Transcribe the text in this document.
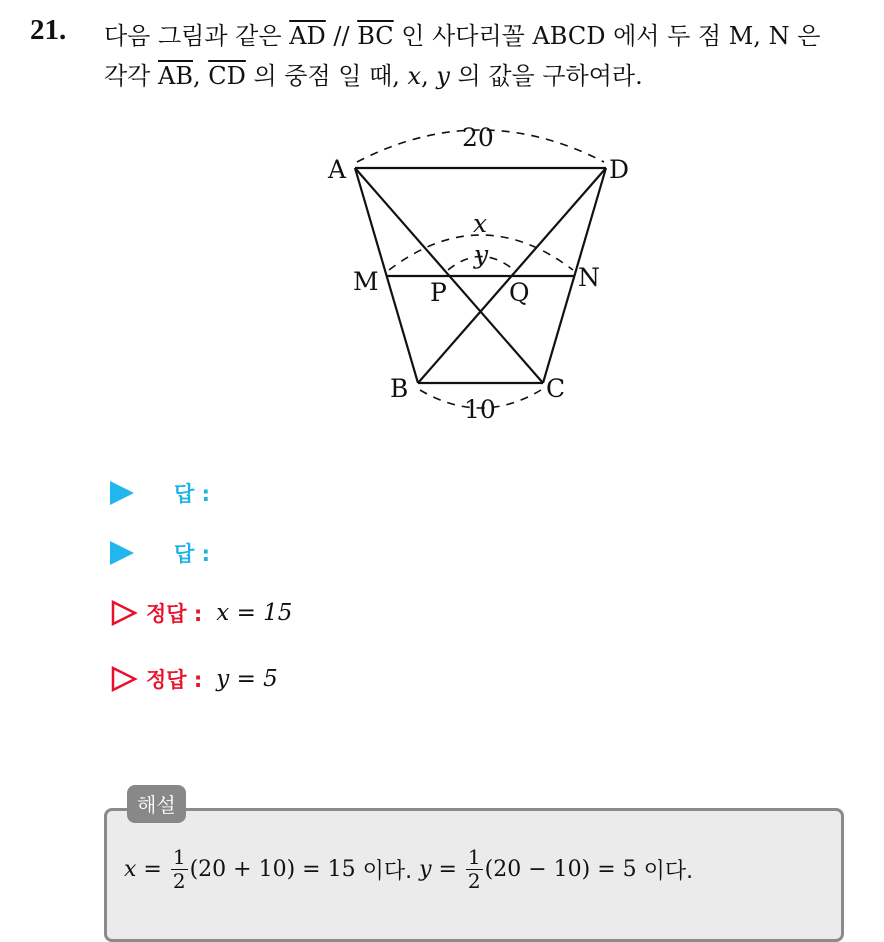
21. 다음 그림과 같은 $\overline{AD} // \overline{BC}$ 인 사다리꼴 ABCD 에서 두 점 M, N 은
각각 $\overline{AB}$, $\overline{CD}$ 의 중점 일 때, x, y 의 값을 구하여라.
20
A	D
x
y
M	N
P Q
B	C
10
답 :
답 :
정답 : x = 15
정답 : y = 5
해설
$x = \frac{1}{2} (20 + 10) = 15$ 이다. $y = \frac{1}{2} (20 - 10) = 5$ 이다.
